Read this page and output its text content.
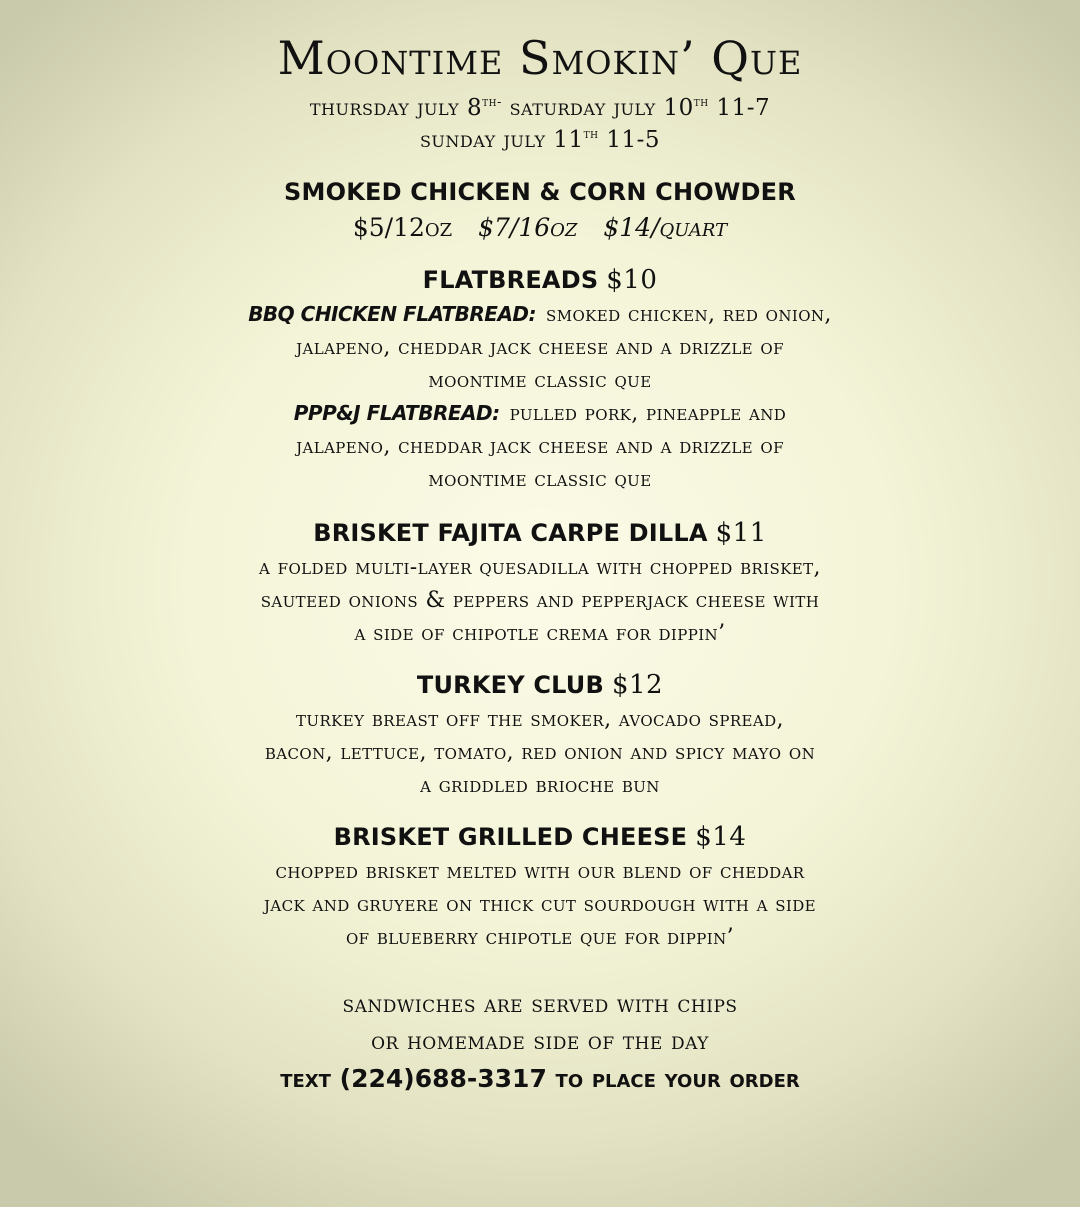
Moontime Smokin’ Que
thursday july $8^{th-}$ saturday july 10th 11-7
sunday july 11th 11-5
SMOKED CHICKEN & CORN CHOWDER
$5/12oz $7/16oz $14/quart
FLATBREADS $10
BBQ CHICKEN FLATBREAD: smoked chicken, red onion,
jalapeno, cheddar jack cheese and a drizzle of
moontime classic que
PPP&J FLATBREAD: pulled pork, pineapple and
jalapeno, cheddar jack cheese and a drizzle of
moontime classic que
BRISKET FAJITA CARPE DILLA $11
a folded multi-layer quesadilla with chopped brisket,
sauteed onions & peppers and pepperjack cheese with
a side of chipotle crema for dippin’
TURKEY CLUB $12
turkey breast off the smoker, avocado spread,
bacon, lettuce, tomato, red onion and spicy mayo on
a griddled brioche bun
BRISKET GRILLED CHEESE $14
chopped brisket melted with our blend of cheddar
jack and gruyere on thick cut sourdough with a side
of blueberry chipotle que for dippin’
sandwiches are served with chips
or homemade side of the day
text (224)688-3317 to place your order
